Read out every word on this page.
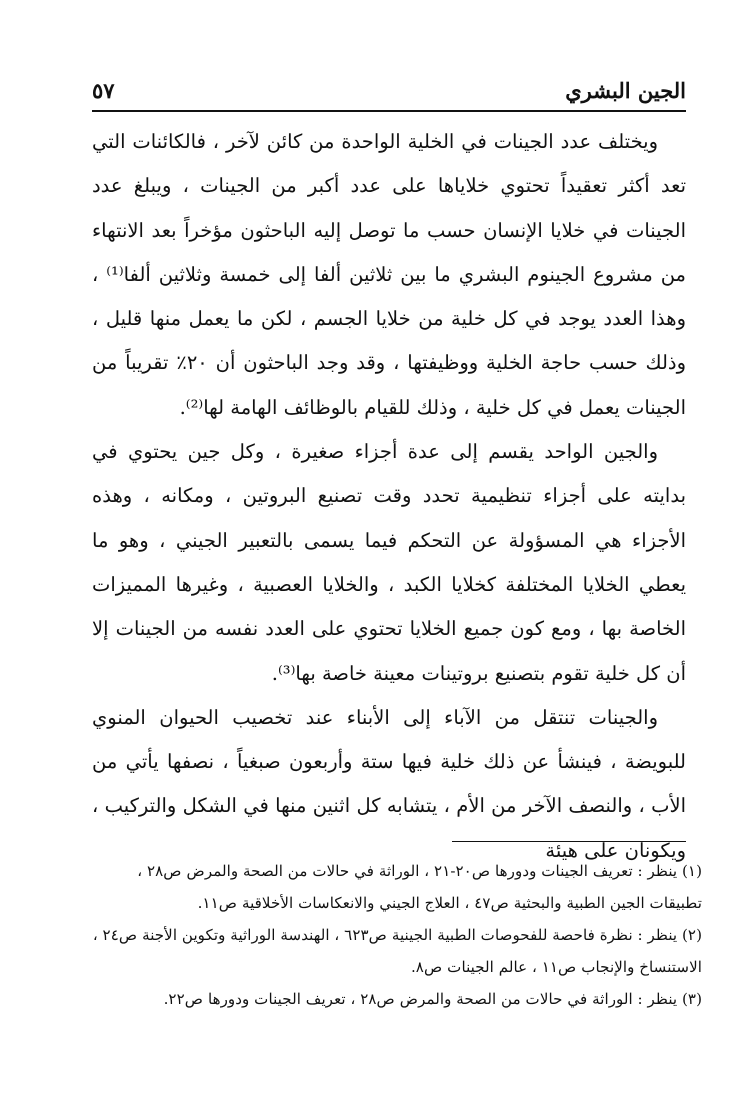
الجين البشري
٥٧

ويختلف عدد الجينات في الخلية الواحدة من كائن لآخر ، فالكائنات التي تعد أكثر تعقيداً تحتوي خلاياها على عدد أكبر من الجينات ، ويبلغ عدد الجينات في خلايا الإنسان حسب ما توصل إليه الباحثون مؤخراً بعد الانتهاء من مشروع الجينوم البشري ما بين ثلاثين ألفا إلى خمسة وثلاثين ألفا⁽¹⁾ ، وهذا العدد يوجد في كل خلية من خلايا الجسم ، لكن ما يعمل منها قليل ، وذلك حسب حاجة الخلية ووظيفتها ، وقد وجد الباحثون أن ٢٠٪ تقريباً من الجينات يعمل في كل خلية ، وذلك للقيام بالوظائف الهامة لها⁽²⁾.

والجين الواحد يقسم إلى عدة أجزاء صغيرة ، وكل جين يحتوي في بدايته على أجزاء تنظيمية تحدد وقت تصنيع البروتين ، ومكانه ، وهذه الأجزاء هي المسؤولة عن التحكم فيما يسمى بالتعبير الجيني ، وهو ما يعطي الخلايا المختلفة كخلايا الكبد ، والخلايا العصبية ، وغيرها المميزات الخاصة بها ، ومع كون جميع الخلايا تحتوي على العدد نفسه من الجينات إلا أن كل خلية تقوم بتصنيع بروتينات معينة خاصة بها⁽³⁾.

والجينات تنتقل من الآباء إلى الأبناء عند تخصيب الحيوان المنوي للبويضة ، فينشأ عن ذلك خلية فيها ستة وأربعون صبغياً ، نصفها يأتي من الأب ، والنصف الآخر من الأم ، يتشابه كل اثنين منها في الشكل والتركيب ، ويكونان على هيئة

(١) ينظر : تعريف الجينات ودورها ص٢٠-٢١ ، الوراثة في حالات من الصحة والمرض ص٢٨ ، تطبيقات الجين الطبية والبحثية ص٤٧ ، العلاج الجيني والانعكاسات الأخلاقية ص١١.

(٢) ينظر : نظرة فاحصة للفحوصات الطبية الجينية ص٦٢٣ ، الهندسة الوراثية وتكوين الأجنة ص٢٤ ، الاستنساخ والإنجاب ص١١ ، عالم الجينات ص٨.

(٣) ينظر : الوراثة في حالات من الصحة والمرض ص٢٨ ، تعريف الجينات ودورها ص٢٢.
